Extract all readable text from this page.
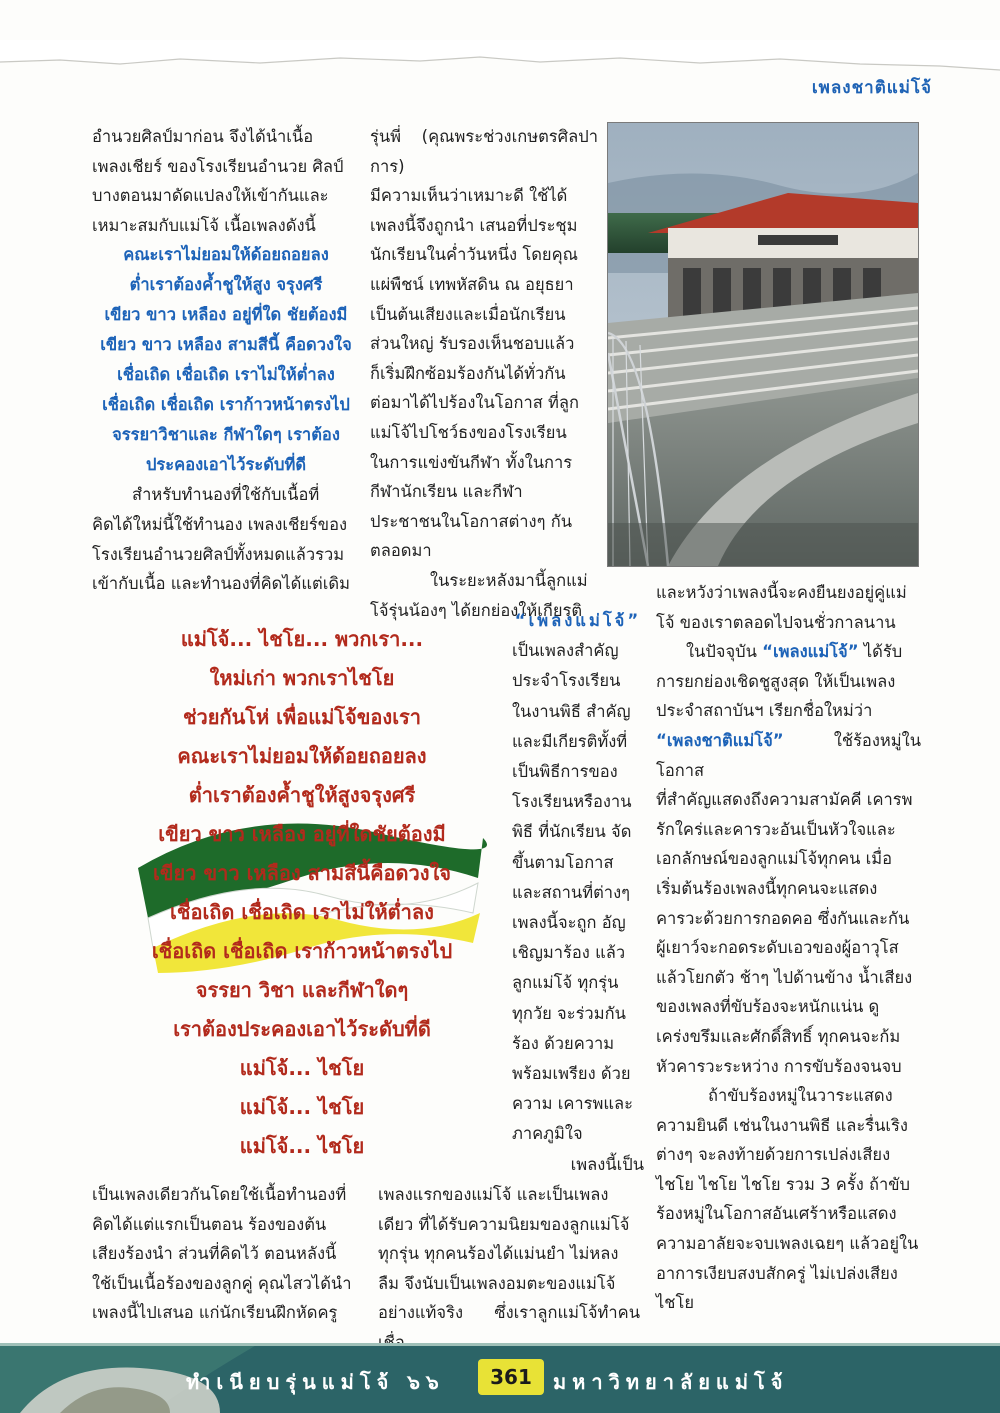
เพลงชาติแม่โจ้

อำนวยศิลป์มาก่อน จึงได้นำเนื้อ

เพลงเชียร์ ของโรงเรียนอำนวย ศิลป์

บางตอนมาดัดแปลงให้เข้ากันและ

เหมาะสมกับแม่โจ้ เนื้อเพลงดังนี้

คณะเราไม่ยอมให้ด้อยถอยลง
ต่ำเราต้องค้ำชูให้สูง จรุงศรี
เขียว ขาว เหลือง อยู่ที่ใด ชัยต้องมี
เขียว ขาว เหลือง สามสีนี้ คือดวงใจ
เชื่อเถิด เชื่อเถิด เราไม่ให้ต่ำลง
เชื่อเถิด เชื่อเถิด เราก้าวหน้าตรงไป
จรรยาวิชาและ กีฬาใดๆ เราต้อง
ประคองเอาไว้ระดับที่ดี

สำหรับทำนองที่ใช้กับเนื้อที่

คิดได้ใหม่นี้ใช้ทำนอง เพลงเชียร์ของ

โรงเรียนอำนวยศิลป์ทั้งหมดแล้วรวม

เข้ากับเนื้อ และทำนองที่คิดได้แต่เดิม

รุ่นพี่ (คุณพระช่วงเกษตรศิลปาการ)

มีความเห็นว่าเหมาะดี ใช้ได้

เพลงนี้จึงถูกนำ เสนอที่ประชุม

นักเรียนในค่ำวันหนึ่ง โดยคุณ

แผ่พืชน์ เทพหัสดิน ณ อยุธยา

เป็นต้นเสียงและเมื่อนักเรียน

ส่วนใหญ่ รับรองเห็นชอบแล้ว

ก็เริ่มฝึกซ้อมร้องกันได้ทั่วกัน

ต่อมาได้ไปร้องในโอกาส ที่ลูก

แม่โจ้ไปโชว์ธงของโรงเรียน

ในการแข่งขันกีฬา ทั้งในการ

กีฬานักเรียน และกีฬา

ประชาชนในโอกาสต่างๆ กัน

ตลอดมา

ในระยะหลังมานี้ลูกแม่

โจ้รุ่นน้องๆ ได้ยกย่องให้เกียรติ

แม่โจ้... ไชโย... พวกเรา...
ใหม่เก่า พวกเราไชโย
ช่วยกันโห่ เพื่อแม่โจ้ของเรา
คณะเราไม่ยอมให้ด้อยถอยลง
ต่ำเราต้องค้ำชูให้สูงจรุงศรี
เขียว ขาว เหลือง อยู่ที่ใดชัยต้องมี
เขียว ขาว เหลือง สามสีนี้คือดวงใจ
เชื่อเถิด เชื่อเถิด เราไม่ให้ต่ำลง
เชื่อเถิด เชื่อเถิด เราก้าวหน้าตรงไป
จรรยา วิชา และกีฬาใดๆ
เราต้องประคองเอาไว้ระดับที่ดี
แม่โจ้... ไชโย
แม่โจ้... ไชโย
แม่โจ้... ไชโย
“เพลงแม่โจ้”
เป็นเพลงสำคัญ
ประจำโรงเรียน
ในงานพิธี สำคัญ
และมีเกียรติทั้งที่
เป็นพิธีการของ
โรงเรียนหรืองาน
พิธี ที่นักเรียน จัด
ขึ้นตามโอกาส
และสถานที่ต่างๆ
เพลงนี้จะถูก อัญ
เชิญมาร้อง แล้ว
ลูกแม่โจ้ ทุกรุ่น
ทุกวัย จะร่วมกัน
ร้อง ด้วยความ
พร้อมเพรียง ด้วย
ความ เคารพและ
ภาคภูมิใจ
เพลงนี้เป็น

และหวังว่าเพลงนี้จะคงยืนยงอยู่คู่แม่

โจ้ ของเราตลอดไปจนชั่วกาลนาน

ในปัจจุบัน “เพลงแม่โจ้” ได้รับ

การยกย่องเชิดชูสูงสุด ให้เป็นเพลง

ประจำสถาบันฯ เรียกชื่อใหม่ว่า

“เพลงชาติแม่โจ้”	ใช้ร้องหมู่ในโอกาส

ที่สำคัญแสดงถึงความสามัคคี เคารพ

รักใคร่และคารวะอันเป็นหัวใจและ

เอกลักษณ์ของลูกแม่โจ้ทุกคน เมื่อ

เริ่มต้นร้องเพลงนี้ทุกคนจะแสดง

คารวะด้วยการกอดคอ ซึ่งกันและกัน

ผู้เยาว์จะกอดระดับเอวของผู้อาวุโส

แล้วโยกตัว ช้าๆ ไปด้านข้าง น้ำเสียง

ของเพลงที่ขับร้องจะหนักแน่น ดู

เคร่งขรึมและศักดิ์สิทธิ์ ทุกคนจะก้ม

หัวคารวะระหว่าง การขับร้องจนจบ

ถ้าขับร้องหมู่ในวาระแสดง

ความยินดี เช่นในงานพิธี และรื่นเริง

ต่างๆ จะลงท้ายด้วยการเปล่งเสียง

ไชโย ไชโย ไชโย รวม 3 ครั้ง ถ้าขับ

ร้องหมู่ในโอกาสอันเศร้าหรือแสดง

ความอาลัยจะจบเพลงเฉยๆ แล้วอยู่ใน

อาการเงียบสงบสักครู่ ไม่เปล่งเสียง

ไชโย

เป็นเพลงเดียวกันโดยใช้เนื้อทำนองที่

คิดได้แต่แรกเป็นตอน ร้องของต้น

เสียงร้องนำ ส่วนที่คิดไว้ ตอนหลังนี้

ใช้เป็นเนื้อร้องของลูกคู่ คุณไสวได้นำ

เพลงนี้ไปเสนอ แก่นักเรียนฝึกหัดครู

เพลงแรกของแม่โจ้ และเป็นเพลง

เดียว ที่ได้รับความนิยมของลูกแม่โจ้

ทุกรุ่น ทุกคนร้องได้แม่นยำ ไม่หลง

ลืม จึงนับเป็นเพลงอมตะของแม่โจ้

อย่างแท้จริง ซึ่งเราลูกแม่โจ้ทำคน

ทำเนียบรุ่นแม่โจ้ ๖๖	361	มหาวิทยาลัยแม่โจ้
